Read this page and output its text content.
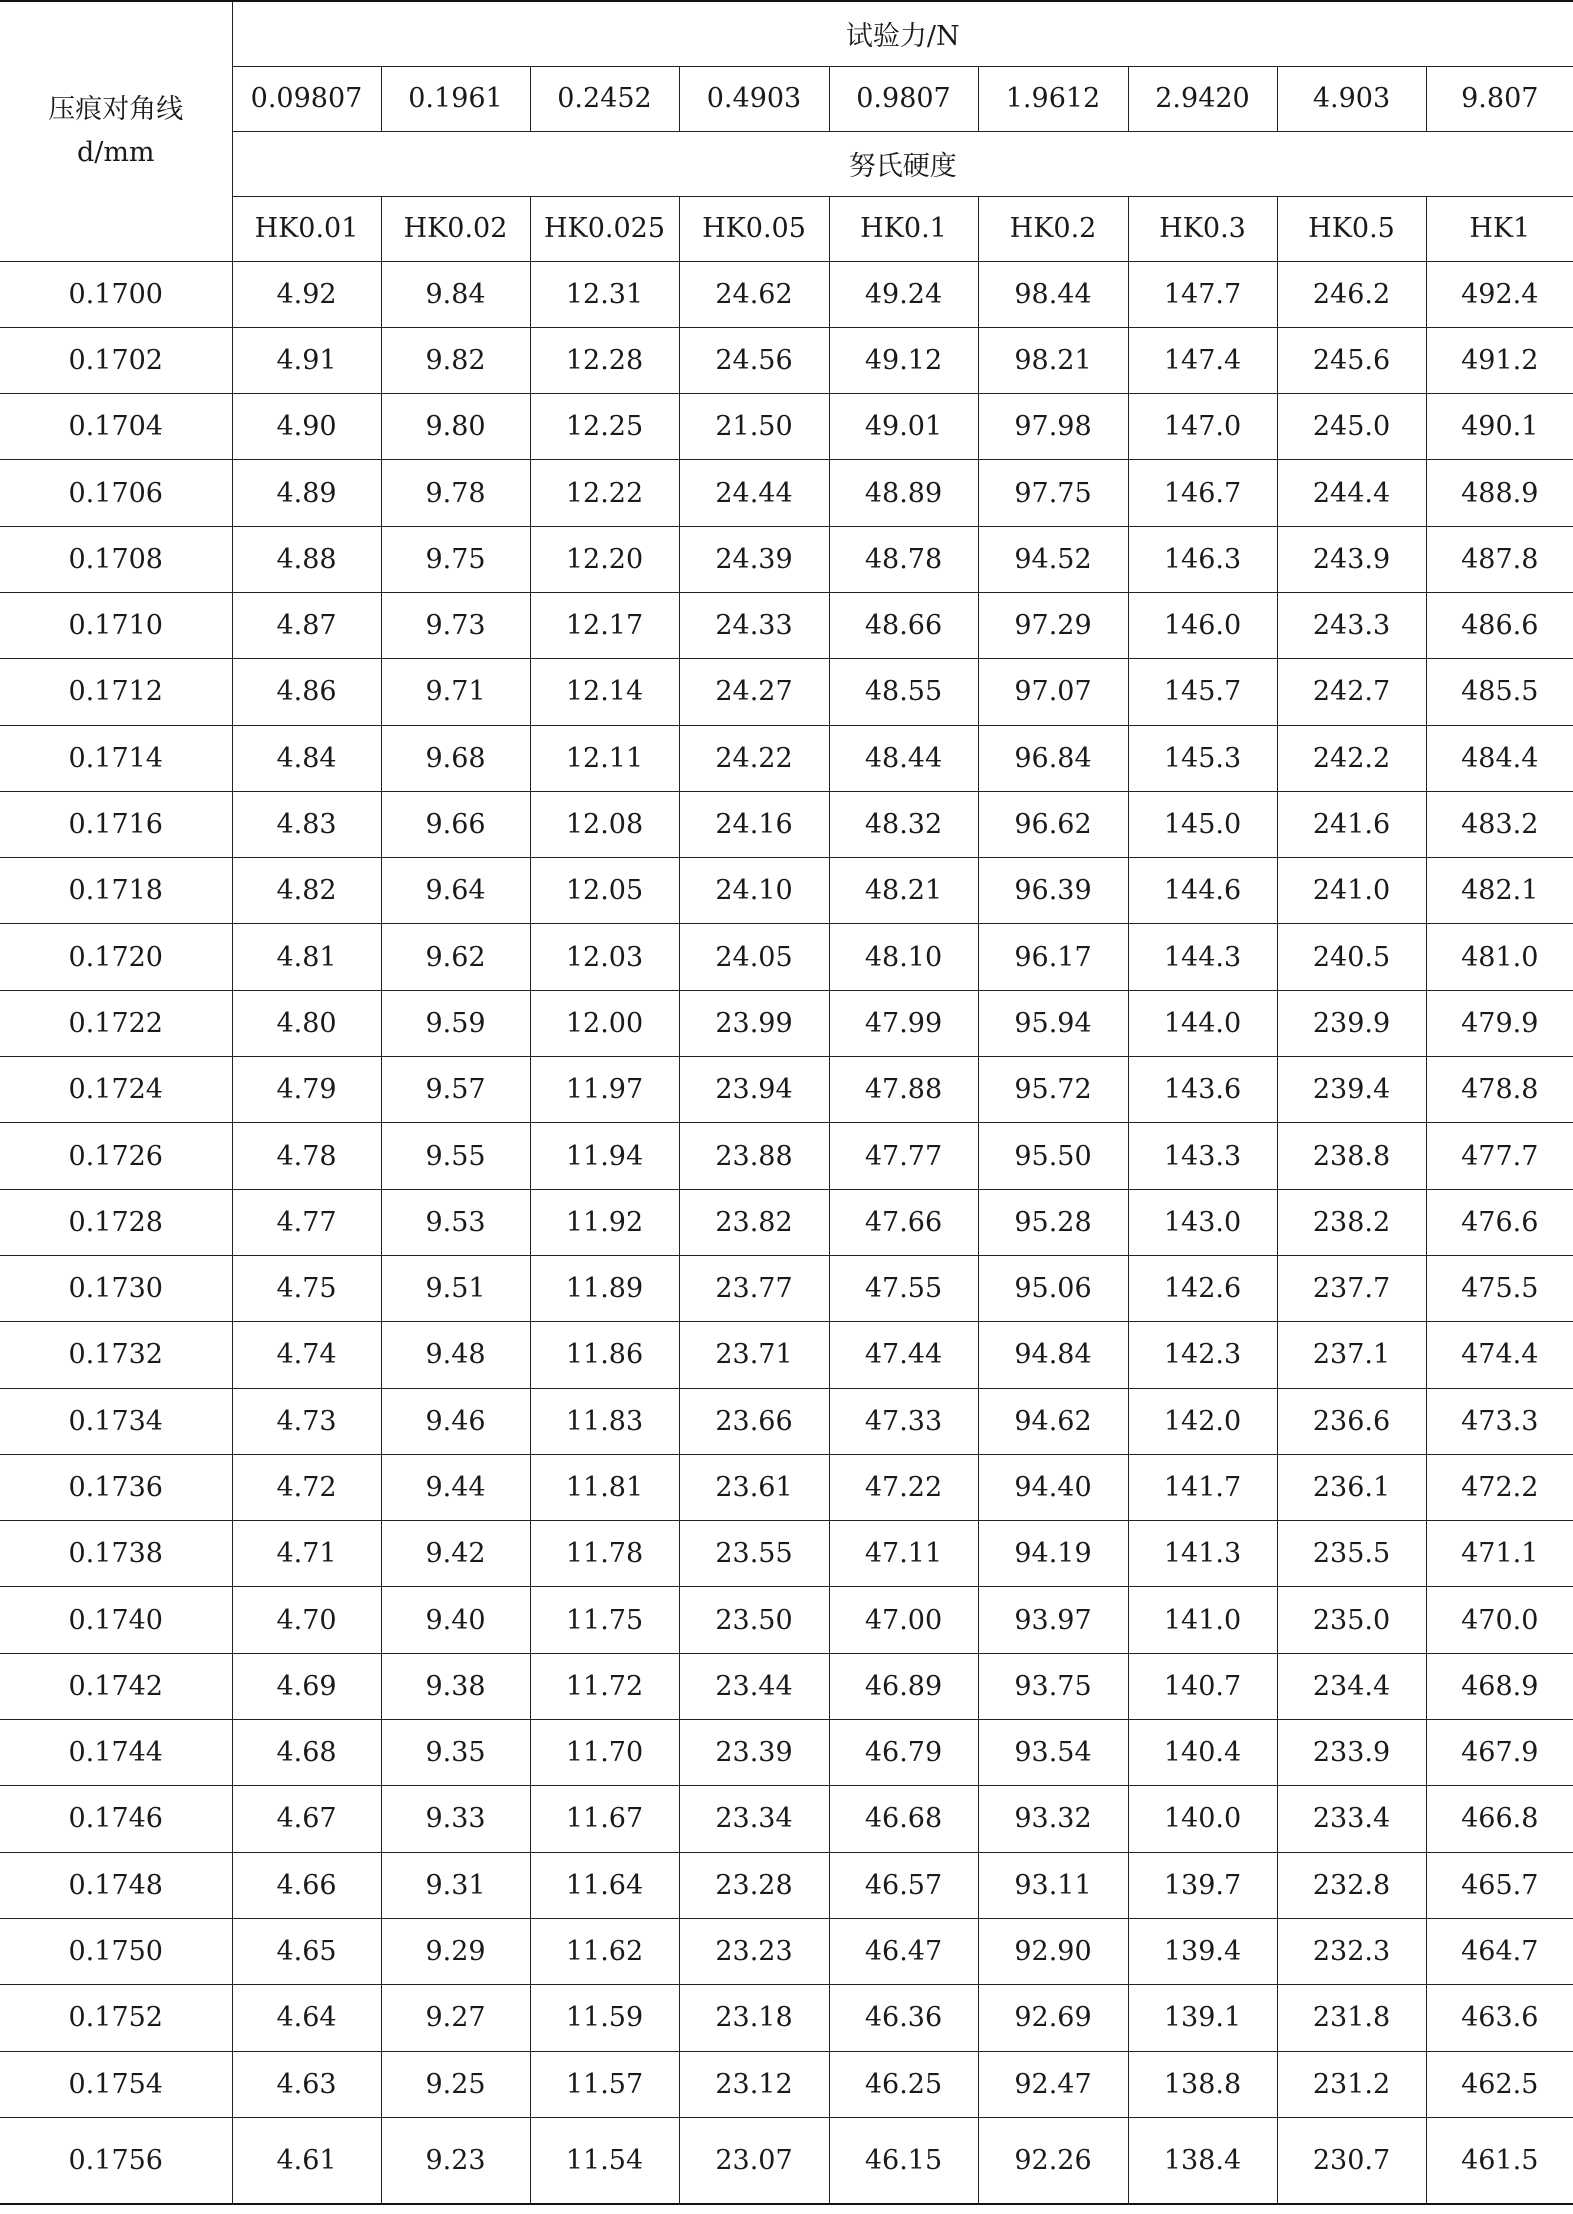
压痕对角线
d/mm	试验力/N								
	0.09807	0.1961	0.2452	0.4903	0.9807	1.9612	2.9420	4.903	9.807
	努氏硬度								
	HK0.01	HK0.02	HK0.025	HK0.05	HK0.1	HK0.2	HK0.3	HK0.5	HK1
0.1700	4.92	9.84	12.31	24.62	49.24	98.44	147.7	246.2	492.4
0.1702	4.91	9.82	12.28	24.56	49.12	98.21	147.4	245.6	491.2
0.1704	4.90	9.80	12.25	21.50	49.01	97.98	147.0	245.0	490.1
0.1706	4.89	9.78	12.22	24.44	48.89	97.75	146.7	244.4	488.9
0.1708	4.88	9.75	12.20	24.39	48.78	94.52	146.3	243.9	487.8
0.1710	4.87	9.73	12.17	24.33	48.66	97.29	146.0	243.3	486.6
0.1712	4.86	9.71	12.14	24.27	48.55	97.07	145.7	242.7	485.5
0.1714	4.84	9.68	12.11	24.22	48.44	96.84	145.3	242.2	484.4
0.1716	4.83	9.66	12.08	24.16	48.32	96.62	145.0	241.6	483.2
0.1718	4.82	9.64	12.05	24.10	48.21	96.39	144.6	241.0	482.1
0.1720	4.81	9.62	12.03	24.05	48.10	96.17	144.3	240.5	481.0
0.1722	4.80	9.59	12.00	23.99	47.99	95.94	144.0	239.9	479.9
0.1724	4.79	9.57	11.97	23.94	47.88	95.72	143.6	239.4	478.8
0.1726	4.78	9.55	11.94	23.88	47.77	95.50	143.3	238.8	477.7
0.1728	4.77	9.53	11.92	23.82	47.66	95.28	143.0	238.2	476.6
0.1730	4.75	9.51	11.89	23.77	47.55	95.06	142.6	237.7	475.5
0.1732	4.74	9.48	11.86	23.71	47.44	94.84	142.3	237.1	474.4
0.1734	4.73	9.46	11.83	23.66	47.33	94.62	142.0	236.6	473.3
0.1736	4.72	9.44	11.81	23.61	47.22	94.40	141.7	236.1	472.2
0.1738	4.71	9.42	11.78	23.55	47.11	94.19	141.3	235.5	471.1
0.1740	4.70	9.40	11.75	23.50	47.00	93.97	141.0	235.0	470.0
0.1742	4.69	9.38	11.72	23.44	46.89	93.75	140.7	234.4	468.9
0.1744	4.68	9.35	11.70	23.39	46.79	93.54	140.4	233.9	467.9
0.1746	4.67	9.33	11.67	23.34	46.68	93.32	140.0	233.4	466.8
0.1748	4.66	9.31	11.64	23.28	46.57	93.11	139.7	232.8	465.7
0.1750	4.65	9.29	11.62	23.23	46.47	92.90	139.4	232.3	464.7
0.1752	4.64	9.27	11.59	23.18	46.36	92.69	139.1	231.8	463.6
0.1754	4.63	9.25	11.57	23.12	46.25	92.47	138.8	231.2	462.5
0.1756	4.61	9.23	11.54	23.07	46.15	92.26	138.4	230.7	461.5
